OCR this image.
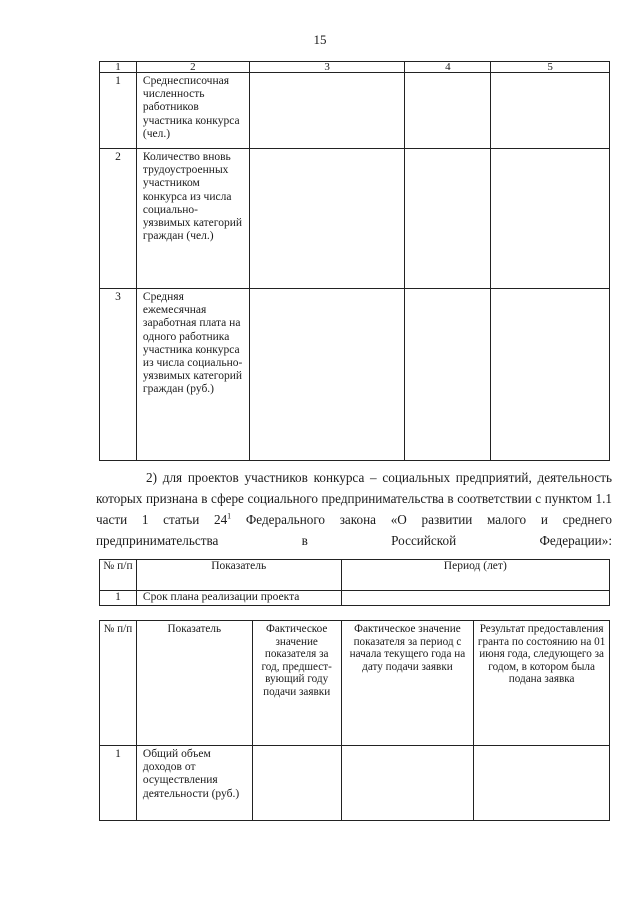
15
1	2	3	4	5
1	Среднесписочная численность работников участника конкурса (чел.)			
2	Количество вновь трудоустроенных участником конкурса из числа социально-уязвимых категорий граждан (чел.)			
3	Средняя ежемесячная заработная плата на одного работника участника конкурса из числа социально-уязвимых категорий граждан (руб.)			

2) для проектов участников конкурса – социальных предприятий, деятельность которых признана в сфере социального предпринимательства в соответствии с пунктом 1.1 части 1 статьи $24^1$ Федерального закона «О развитии малого и среднего предпринимательства в Российской Федерации»:

№ п/п	Показатель	Период (лет)
1	Срок плана реализации проекта	
№ п/п	Показатель	Фактическое значение показателя за год, предшест-вующий году подачи заявки	Фактическое значение показателя за период с начала текущего года на дату подачи заявки	Результат предоставления гранта по состоянию на 01 июня года, следующего за годом, в котором была подана заявка
1	Общий объем доходов от осуществления деятельности (руб.)			
